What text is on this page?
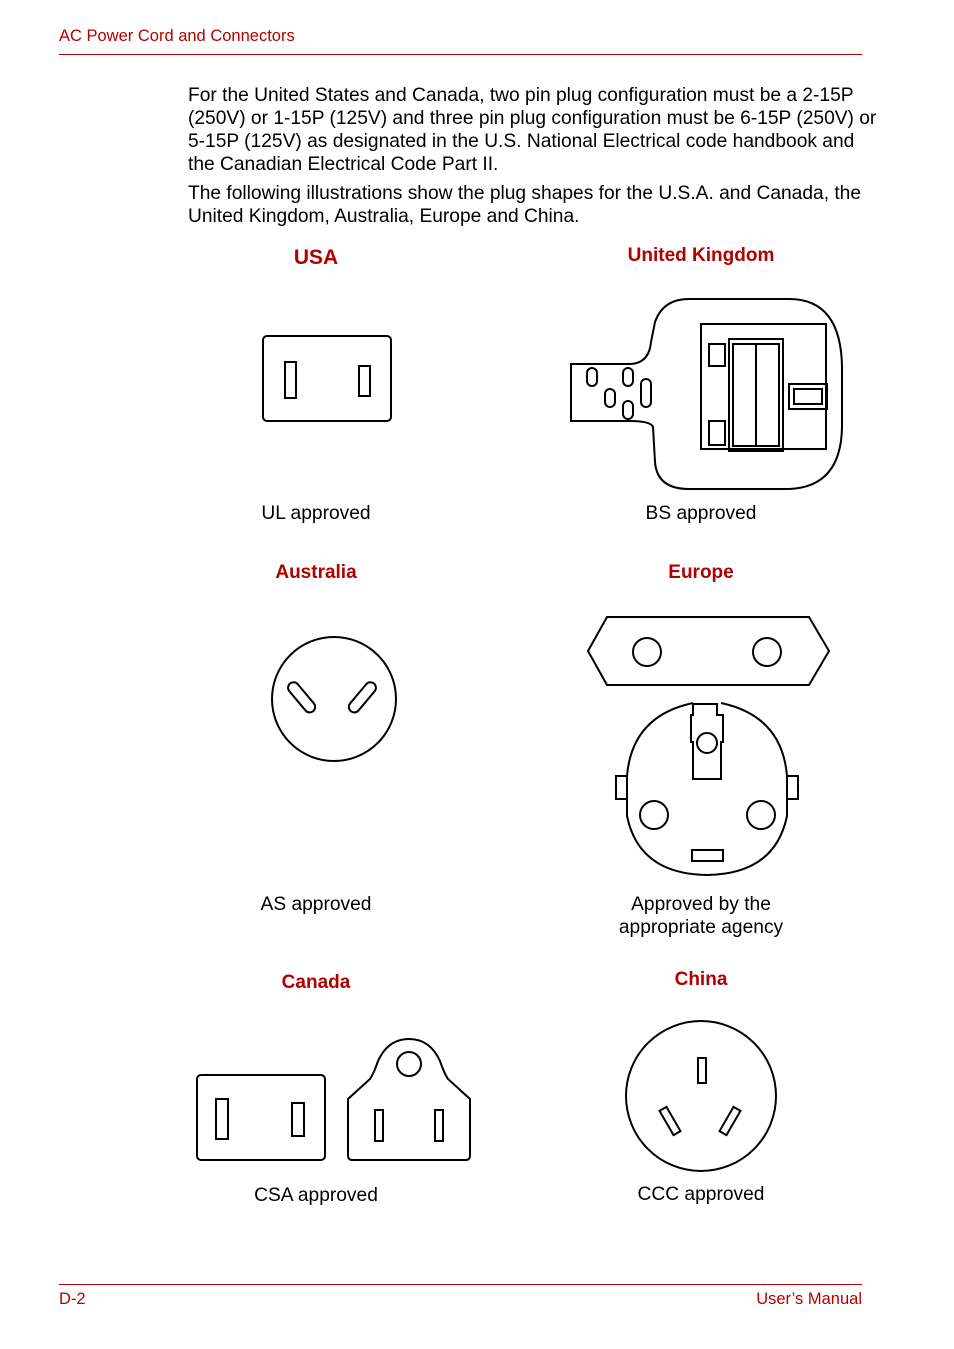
AC Power Cord and Connectors
For the United States and Canada, two pin plug configuration must be a 2-15P (250V) or 1-15P (125V) and three pin plug configuration must be 6-15P (250V) or 5-15P (125V) as designated in the U.S. National Electrical code handbook and the Canadian Electrical Code Part II.
The following illustrations show the plug shapes for the U.S.A. and Canada, the United Kingdom, Australia, Europe and China.
USA
UL approved
United Kingdom
BS approved
Australia
AS approved
Europe
Approved by the
appropriate agency
Canada
CSA approved
China
CCC approved
D-2	User’s Manual
